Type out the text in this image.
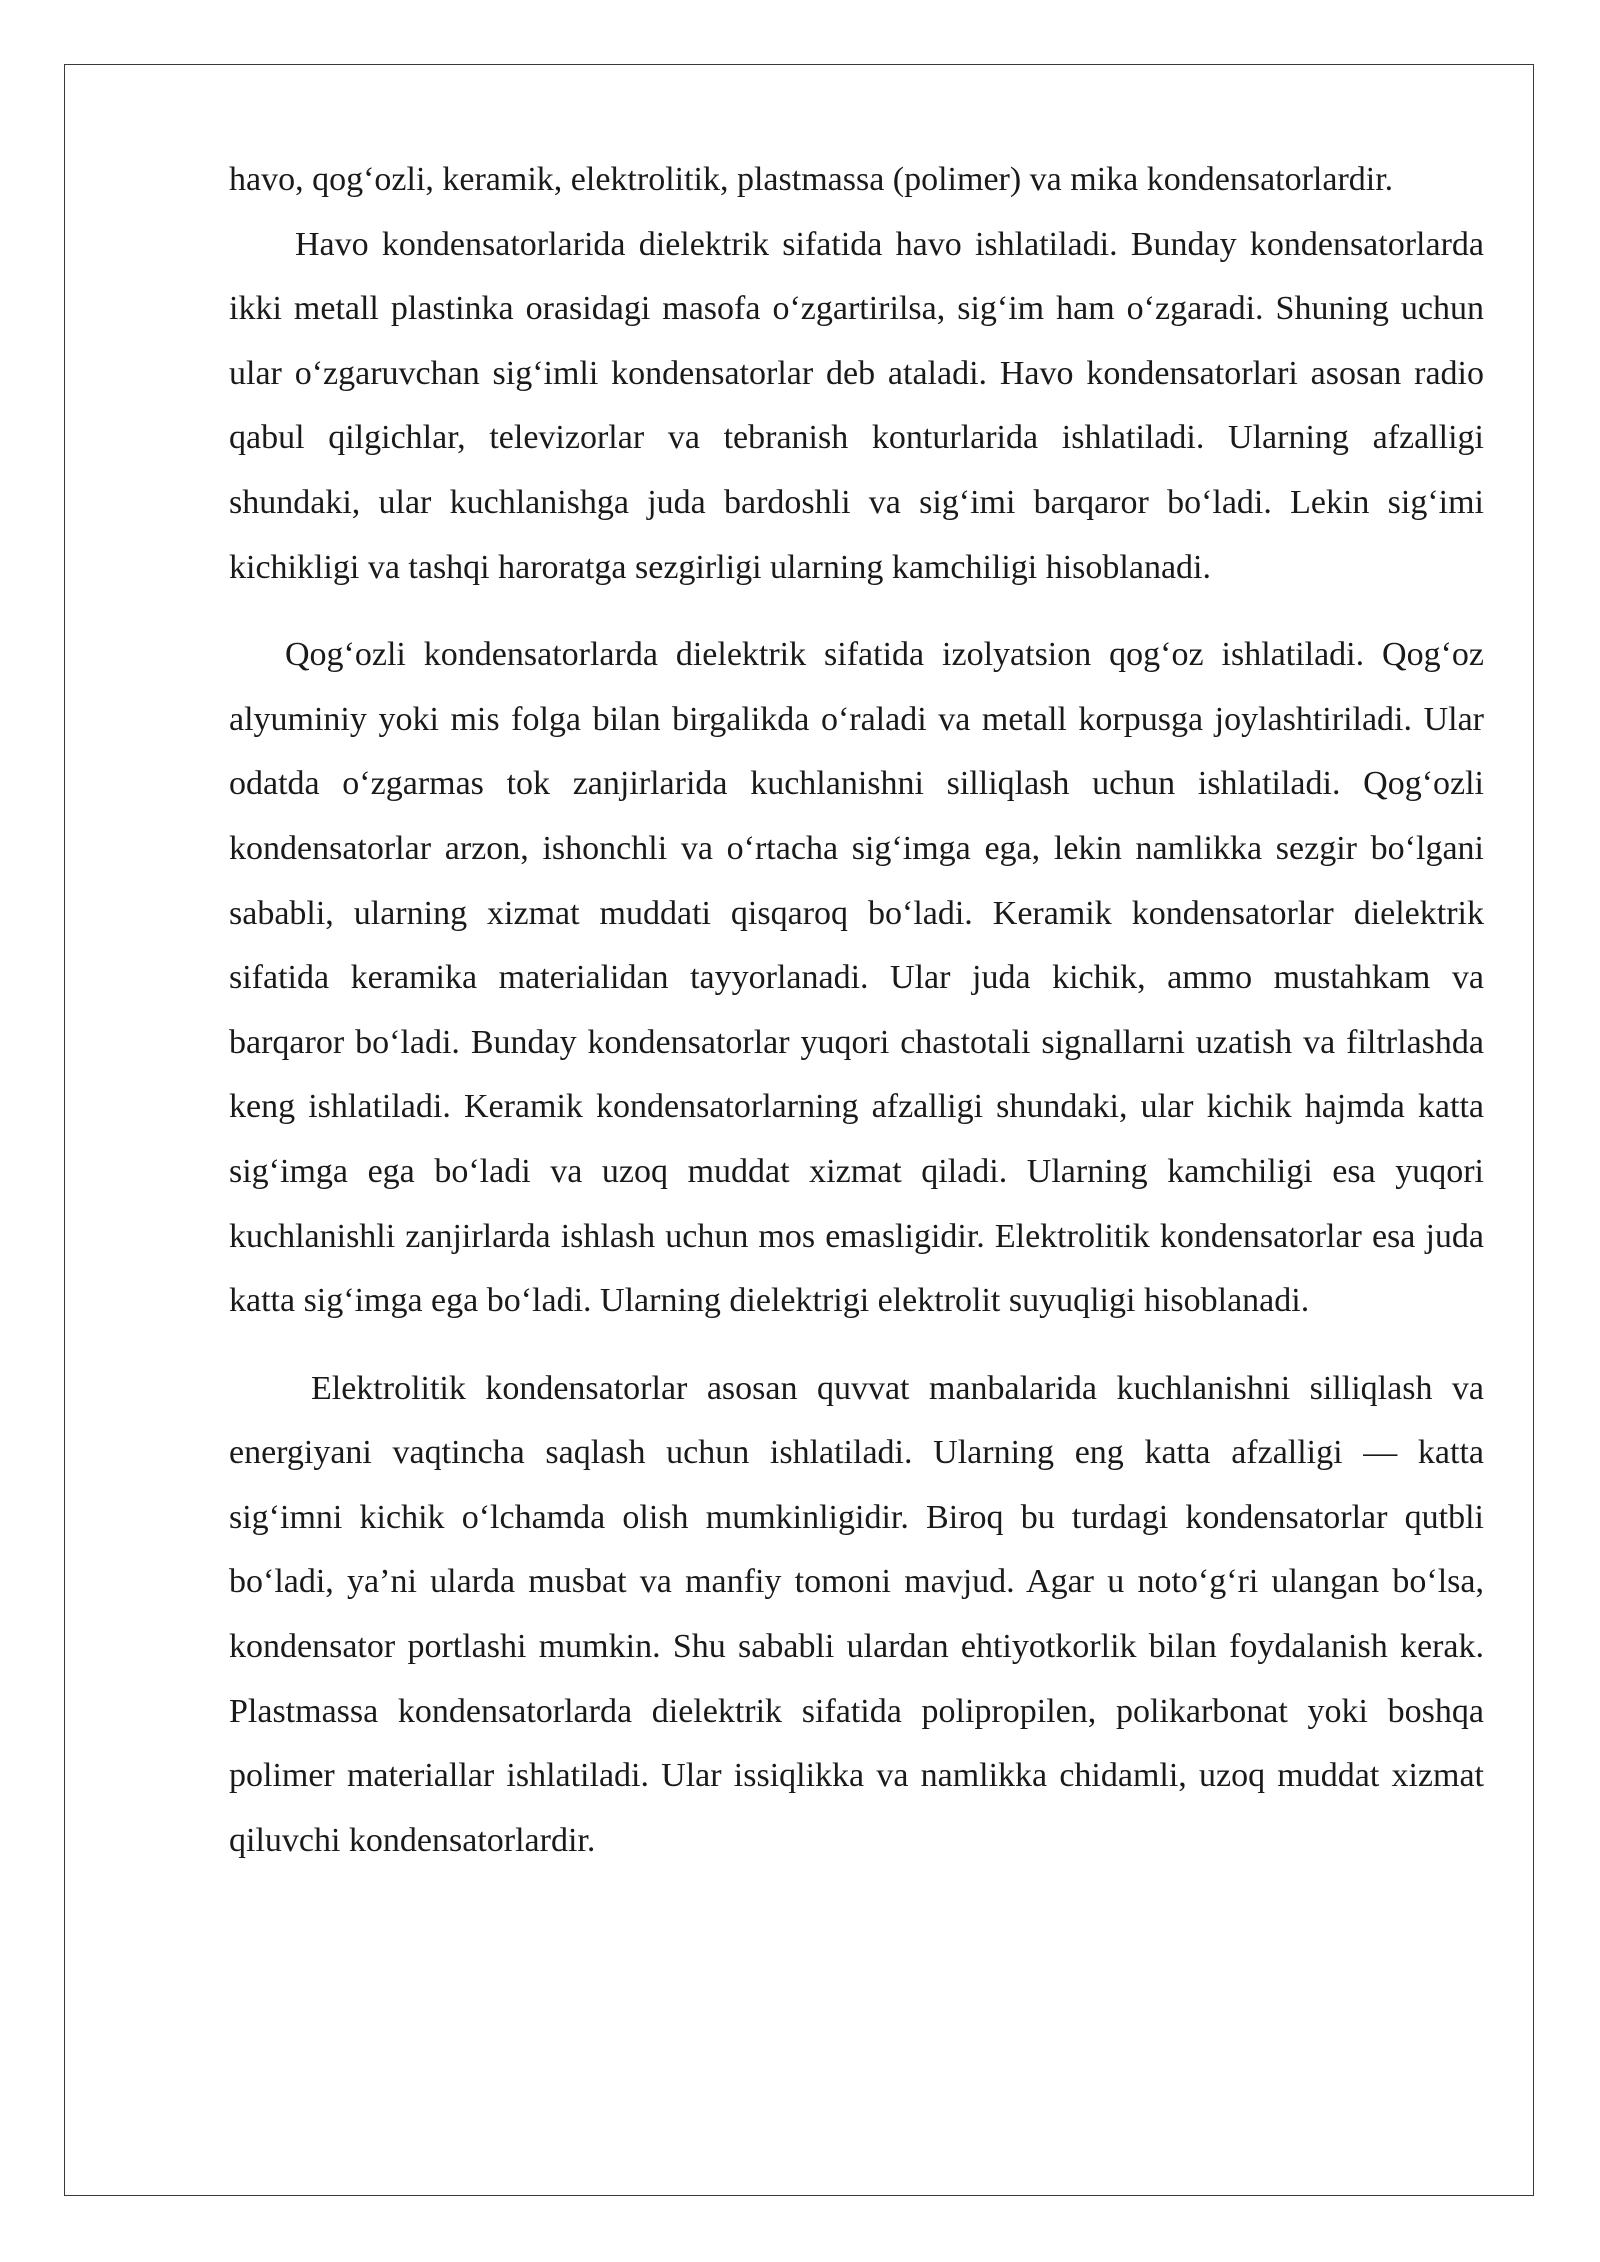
havo, qog‘ozli, keramik, elektrolitik, plastmassa (polimer) va mika kondensatorlardir.

Havo kondensatorlarida dielektrik sifatida havo ishlatiladi. Bunday kondensatorlarda ikki metall plastinka orasidagi masofa o‘zgartirilsa, sig‘im ham o‘zgaradi. Shuning uchun ular o‘zgaruvchan sig‘imli kondensatorlar deb ataladi. Havo kondensatorlari asosan radio qabul qilgichlar, televizorlar va tebranish konturlarida ishlatiladi. Ularning afzalligi shundaki, ular kuchlanishga juda bardoshli va sig‘imi barqaror bo‘ladi. Lekin sig‘imi kichikligi va tashqi haroratga sezgirligi ularning kamchiligi hisoblanadi.

Qog‘ozli kondensatorlarda dielektrik sifatida izolyatsion qog‘oz ishlatiladi. Qog‘oz alyuminiy yoki mis folga bilan birgalikda o‘raladi va metall korpusga joylashtiriladi. Ular odatda o‘zgarmas tok zanjirlarida kuchlanishni silliqlash uchun ishlatiladi. Qog‘ozli kondensatorlar arzon, ishonchli va o‘rtacha sig‘imga ega, lekin namlikka sezgir bo‘lgani sababli, ularning xizmat muddati qisqaroq bo‘ladi. Keramik kondensatorlar dielektrik sifatida keramika materialidan tayyorlanadi. Ular juda kichik, ammo mustahkam va barqaror bo‘ladi. Bunday kondensatorlar yuqori chastotali signallarni uzatish va filtrlashda keng ishlatiladi. Keramik kondensatorlarning afzalligi shundaki, ular kichik hajmda katta sig‘imga ega bo‘ladi va uzoq muddat xizmat qiladi. Ularning kamchiligi esa yuqori kuchlanishli zanjirlarda ishlash uchun mos emasligidir. Elektrolitik kondensatorlar esa juda katta sig‘imga ega bo‘ladi. Ularning dielektrigi elektrolit suyuqligi hisoblanadi.

Elektrolitik kondensatorlar asosan quvvat manbalarida kuchlanishni silliqlash va energiyani vaqtincha saqlash uchun ishlatiladi. Ularning eng katta afzalligi — katta sig‘imni kichik o‘lchamda olish mumkinligidir. Biroq bu turdagi kondensatorlar qutbli bo‘ladi, ya’ni ularda musbat va manfiy tomoni mavjud. Agar u noto‘g‘ri ulangan bo‘lsa, kondensator portlashi mumkin. Shu sababli ulardan ehtiyotkorlik bilan foydalanish kerak. Plastmassa kondensatorlarda dielektrik sifatida polipropilen, polikarbonat yoki boshqa polimer materiallar ishlatiladi. Ular issiqlikka va namlikka chidamli, uzoq muddat xizmat qiluvchi kondensatorlardir.
